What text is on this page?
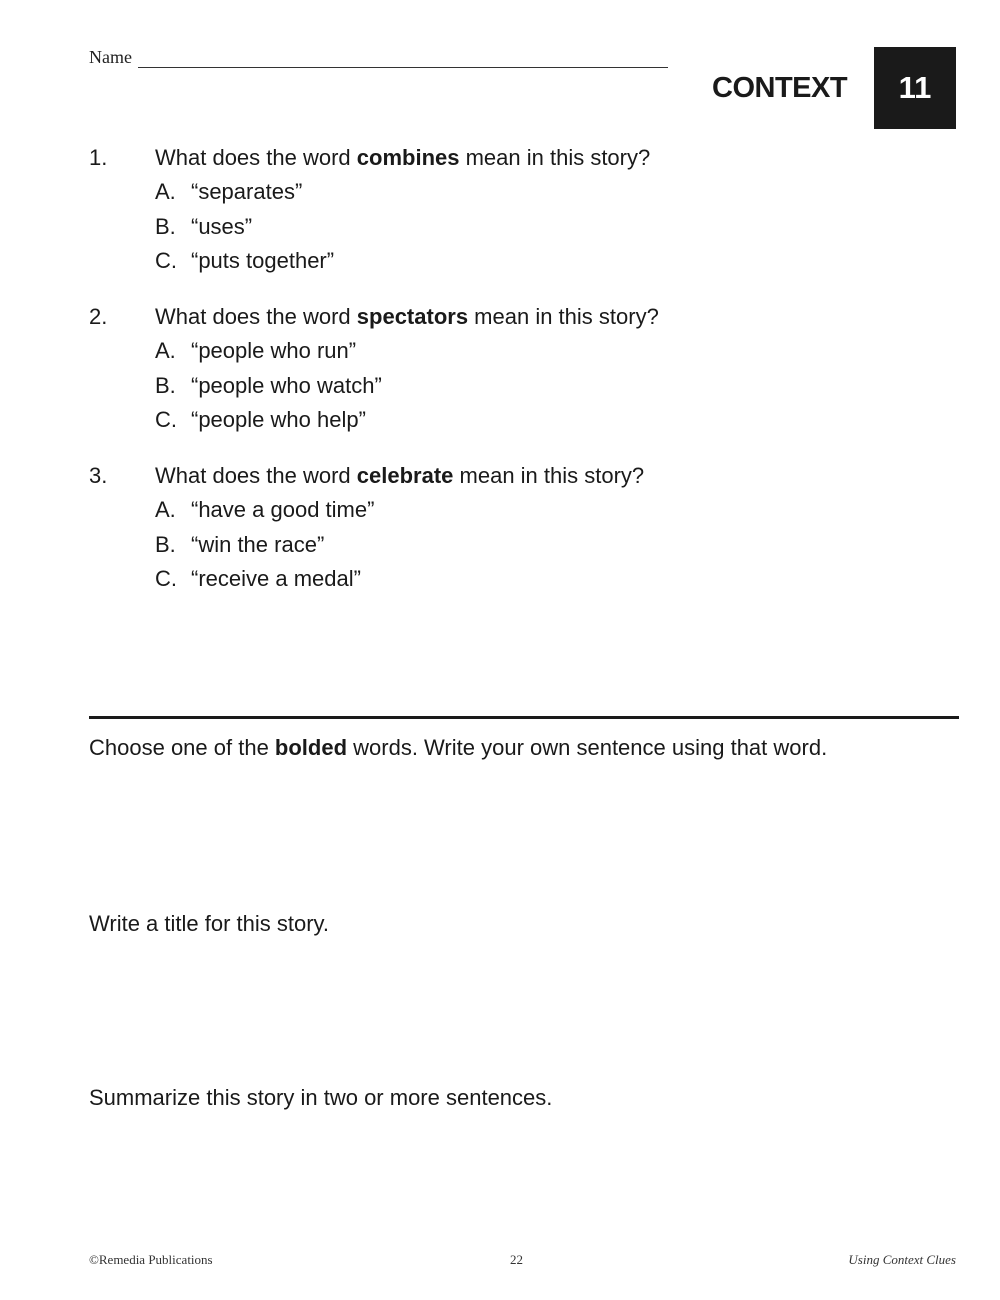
Name
CONTEXT 11
1.	What does the word combines mean in this story?
A. “separates”
B. “uses”
C. “puts together”
2.	What does the word spectators mean in this story?
A. “people who run”
B. “people who watch”
C. “people who help”
3.	What does the word celebrate mean in this story?
A. “have a good time”
B. “win the race”
C. “receive a medal”
Choose one of the bolded words. Write your own sentence using that word.
Write a title for this story.
Summarize this story in two or more sentences.
©Remedia Publications	22	Using Context Clues
